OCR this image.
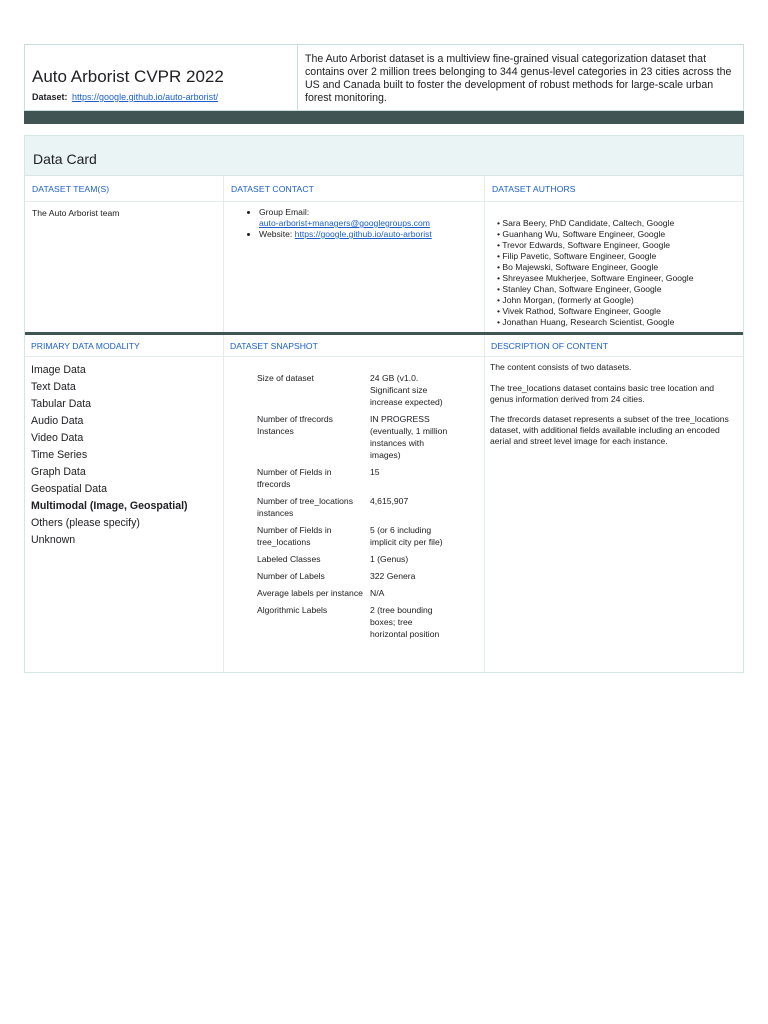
Auto Arborist CVPR 2022
Dataset: https://google.github.io/auto-arborist/
The Auto Arborist dataset is a multiview fine-grained visual categorization dataset that contains over 2 million trees belonging to 344 genus-level categories in 23 cities across the US and Canada built to foster the development of robust methods for large-scale urban forest monitoring.
Data Card
DATASET TEAM(S)	DATASET CONTACT	DATASET AUTHORS
The Auto Arborist team
•	Group Email:
auto-arborist+managers@googlegroups.com
• Website: https://google.github.io/auto-arborist
• Sara Beery, PhD Candidate, Caltech, Google
• Guanhang Wu, Software Engineer, Google
• Trevor Edwards, Software Engineer, Google
• Filip Pavetic, Software Engineer, Google
• Bo Majewski, Software Engineer, Google
• Shreyasee Mukherjee, Software Engineer, Google
• Stanley Chan, Software Engineer, Google
• John Morgan, (formerly at Google)
• Vivek Rathod, Software Engineer, Google
• Jonathan Huang, Research Scientist, Google
PRIMARY DATA MODALITY	DATASET SNAPSHOT	DESCRIPTION OF CONTENT
Image Data
Text Data
Tabular Data
Audio Data
Video Data
Time Series
Graph Data
Geospatial Data
Multimodal (Image, Geospatial)
Others (please specify)
Unknown
Size of dataset	24 GB (v1.0. Significant size increase expected)
Number of tfrecords Instances
IN PROGRESS (eventually, 1 million instances with images)
Number of Fields in tfrecords
15
Number of tree_locations instances
4,615,907
Number of Fields in tree_locations
5 (or 6 including implicit city per file)
Labeled Classes	1 (Genus)
Number of Labels	322 Genera
Average labels per instance N/A
Algorithmic Labels	2 (tree bounding boxes; tree horizontal position

The content consists of two datasets.

The tree_locations dataset contains basic tree location and genus information derived from 24 cities.

The tfrecords dataset represents a subset of the tree_locations dataset, with additional fields available including an encoded aerial and street level image for each instance.
